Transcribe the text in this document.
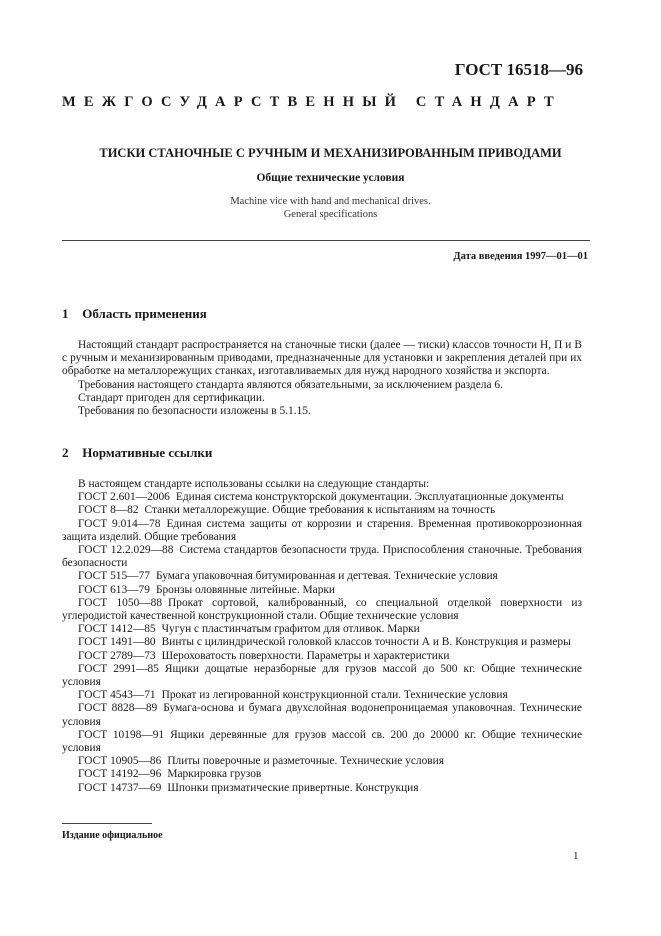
ГОСТ 16518—96
МЕЖГОСУДАРСТВЕННЫЙ СТАНДАРТ
ТИСКИ СТАНОЧНЫЕ С РУЧНЫМ И МЕХАНИЗИРОВАННЫМ ПРИВОДАМИ
Общие технические условия
Machine vice with hand and mechanical drives.
General specifications
Дата введения 1997—01—01
1 Область применения

Настоящий стандарт распространяется на станочные тиски (далее — тиски) классов точности Н, П и В с ручным и механизированным приводами, предназначенные для установки и закрепления деталей при их обработке на металлорежущих станках, изготавливаемых для нужд народного хозяйства и экспорта.

Требования настоящего стандарта являются обязательными, за исключением раздела 6.

Стандарт пригоден для сертификации.

Требования по безопасности изложены в 5.1.15.

2 Нормативные ссылки

В настоящем стандарте использованы ссылки на следующие стандарты:

ГОСТ 2.601—2006 Единая система конструкторской документации. Эксплуатационные документы

ГОСТ 8—82 Станки металлорежущие. Общие требования к испытаниям на точность

ГОСТ 9.014—78 Единая система защиты от коррозии и старения. Временная противокоррозионная защита изделий. Общие требования

ГОСТ 12.2.029—88 Система стандартов безопасности труда. Приспособления станочные. Требования безопасности

ГОСТ 515—77 Бумага упаковочная битумированная и дегтевая. Технические условия

ГОСТ 613—79 Бронзы оловянные литейные. Марки

ГОСТ 1050—88 Прокат сортовой, калиброванный, со специальной отделкой поверхности из углеродистой качественной конструкционной стали. Общие технические условия

ГОСТ 1412—85 Чугун с пластинчатым графитом для отливок. Марки

ГОСТ 1491—80 Винты с цилиндрической головкой классов точности А и В. Конструкция и размеры

ГОСТ 2789—73 Шероховатость поверхности. Параметры и характеристики

ГОСТ 2991—85 Ящики дощатые неразборные для грузов массой до 500 кг. Общие технические условия

ГОСТ 4543—71 Прокат из легированной конструкционной стали. Технические условия

ГОСТ 8828—89 Бумага-основа и бумага двухслойная водонепроницаемая упаковочная. Технические условия

ГОСТ 10198—91 Ящики деревянные для грузов массой св. 200 до 20000 кг. Общие технические условия

ГОСТ 10905—86 Плиты поверочные и разметочные. Технические условия

ГОСТ 14192—96 Маркировка грузов

ГОСТ 14737—69 Шпонки призматические привертные. Конструкция

Издание официальное
1
